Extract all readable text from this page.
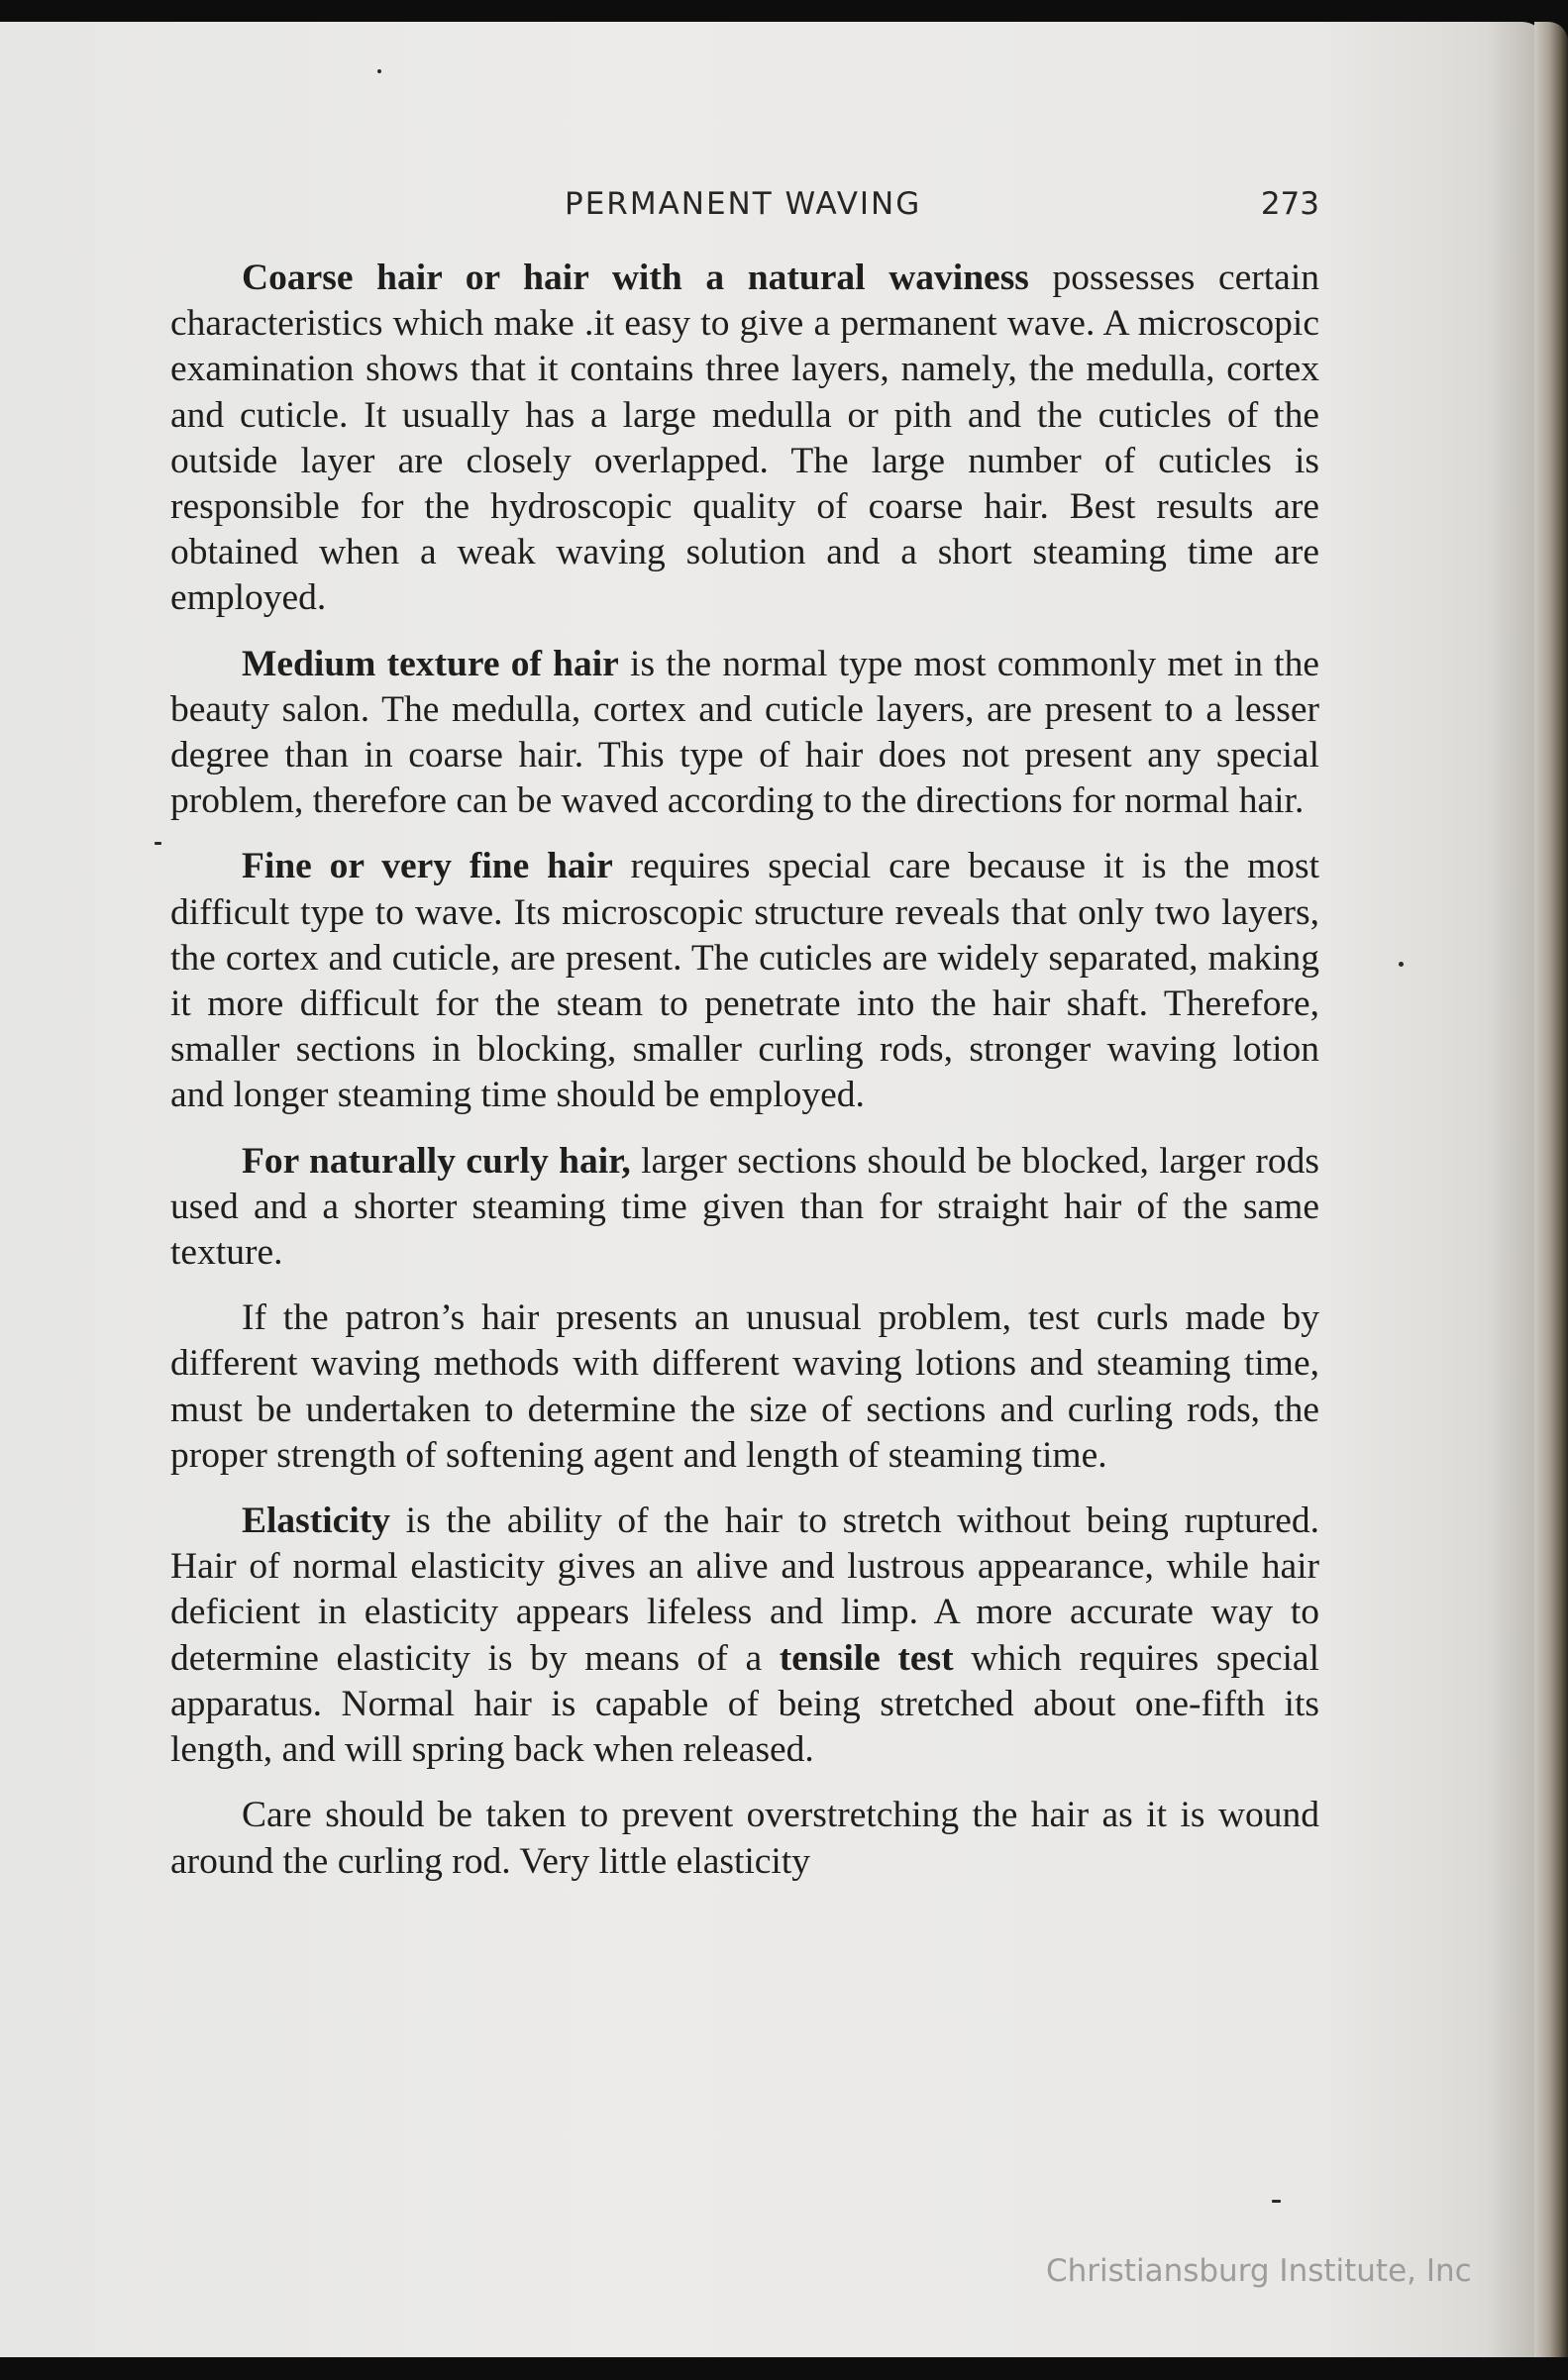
PERMANENT WAVING	273

Coarse hair or hair with a natural waviness possesses certain characteristics which make .it easy to give a permanent wave. A microscopic examination shows that it contains three layers, namely, the medulla, cortex and cuticle. It usually has a large medulla or pith and the cuticles of the outside layer are closely overlapped. The large number of cuticles is responsible for the hydroscopic quality of coarse hair. Best results are obtained when a weak waving solution and a short steaming time are employed.

Medium texture of hair is the normal type most commonly met in the beauty salon. The medulla, cortex and cuticle layers, are present to a lesser degree than in coarse hair. This type of hair does not present any special problem, therefore can be waved according to the directions for normal hair.

Fine or very fine hair requires special care because it is the most difficult type to wave. Its microscopic structure reveals that only two layers, the cortex and cuticle, are present. The cuticles are widely separated, making it more difficult for the steam to penetrate into the hair shaft. Therefore, smaller sections in blocking, smaller curling rods, stronger waving lotion and longer steaming time should be employed.

For naturally curly hair, larger sections should be blocked, larger rods used and a shorter steaming time given than for straight hair of the same texture.

If the patron’s hair presents an unusual problem, test curls made by different waving methods with different waving lotions and steaming time, must be undertaken to determine the size of sections and curling rods, the proper strength of softening agent and length of steaming time.

Elasticity is the ability of the hair to stretch without being ruptured. Hair of normal elasticity gives an alive and lustrous appearance, while hair deficient in elasticity appears lifeless and limp. A more accurate way to determine elasticity is by means of a tensile test which requires special apparatus. Normal hair is capable of being stretched about one-fifth its length, and will spring back when released.

Care should be taken to prevent overstretching the hair as it is wound around the curling rod. Very little elasticity

Christiansburg Institute, Inc
